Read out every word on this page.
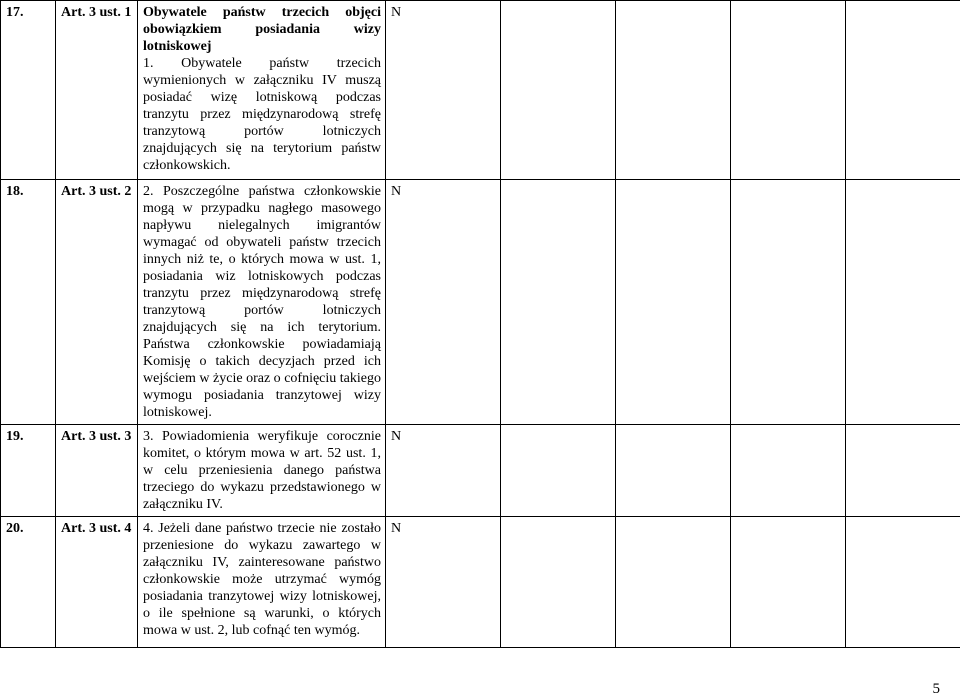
17.	Art. 3 ust. 1	Obywatele państw trzecich objęci obowiązkiem posiadania wizy lotniskowej
1. Obywatele państw trzecich wymienionych w załączniku IV muszą posiadać wizę lotniskową podczas tranzytu przez międzynarodową strefę tranzytową portów lotniczych znajdujących się na terytorium państw członkowskich.	N				
18.	Art. 3 ust. 2	2. Poszczególne państwa członkowskie mogą w przypadku nagłego masowego napływu nielegalnych imigrantów wymagać od obywateli państw trzecich innych niż te, o których mowa w ust. 1, posiadania wiz lotniskowych podczas tranzytu przez międzynarodową strefę tranzytową portów lotniczych znajdujących się na ich terytorium. Państwa członkowskie powiadamiają Komisję o takich decyzjach przed ich wejściem w życie oraz o cofnięciu takiego wymogu posiadania tranzytowej wizy lotniskowej.	N				
19.	Art. 3 ust. 3	3. Powiadomienia weryfikuje corocznie komitet, o którym mowa w art. 52 ust. 1, w celu przeniesienia danego państwa trzeciego do wykazu przedstawionego w załączniku IV.	N				
20.	Art. 3 ust. 4	4. Jeżeli dane państwo trzecie nie zostało przeniesione do wykazu zawartego w załączniku IV, zainteresowane państwo członkowskie może utrzymać wymóg posiadania tranzytowej wizy lotniskowej, o ile spełnione są warunki, o których mowa w ust. 2, lub cofnąć ten wymóg.	N				
5
